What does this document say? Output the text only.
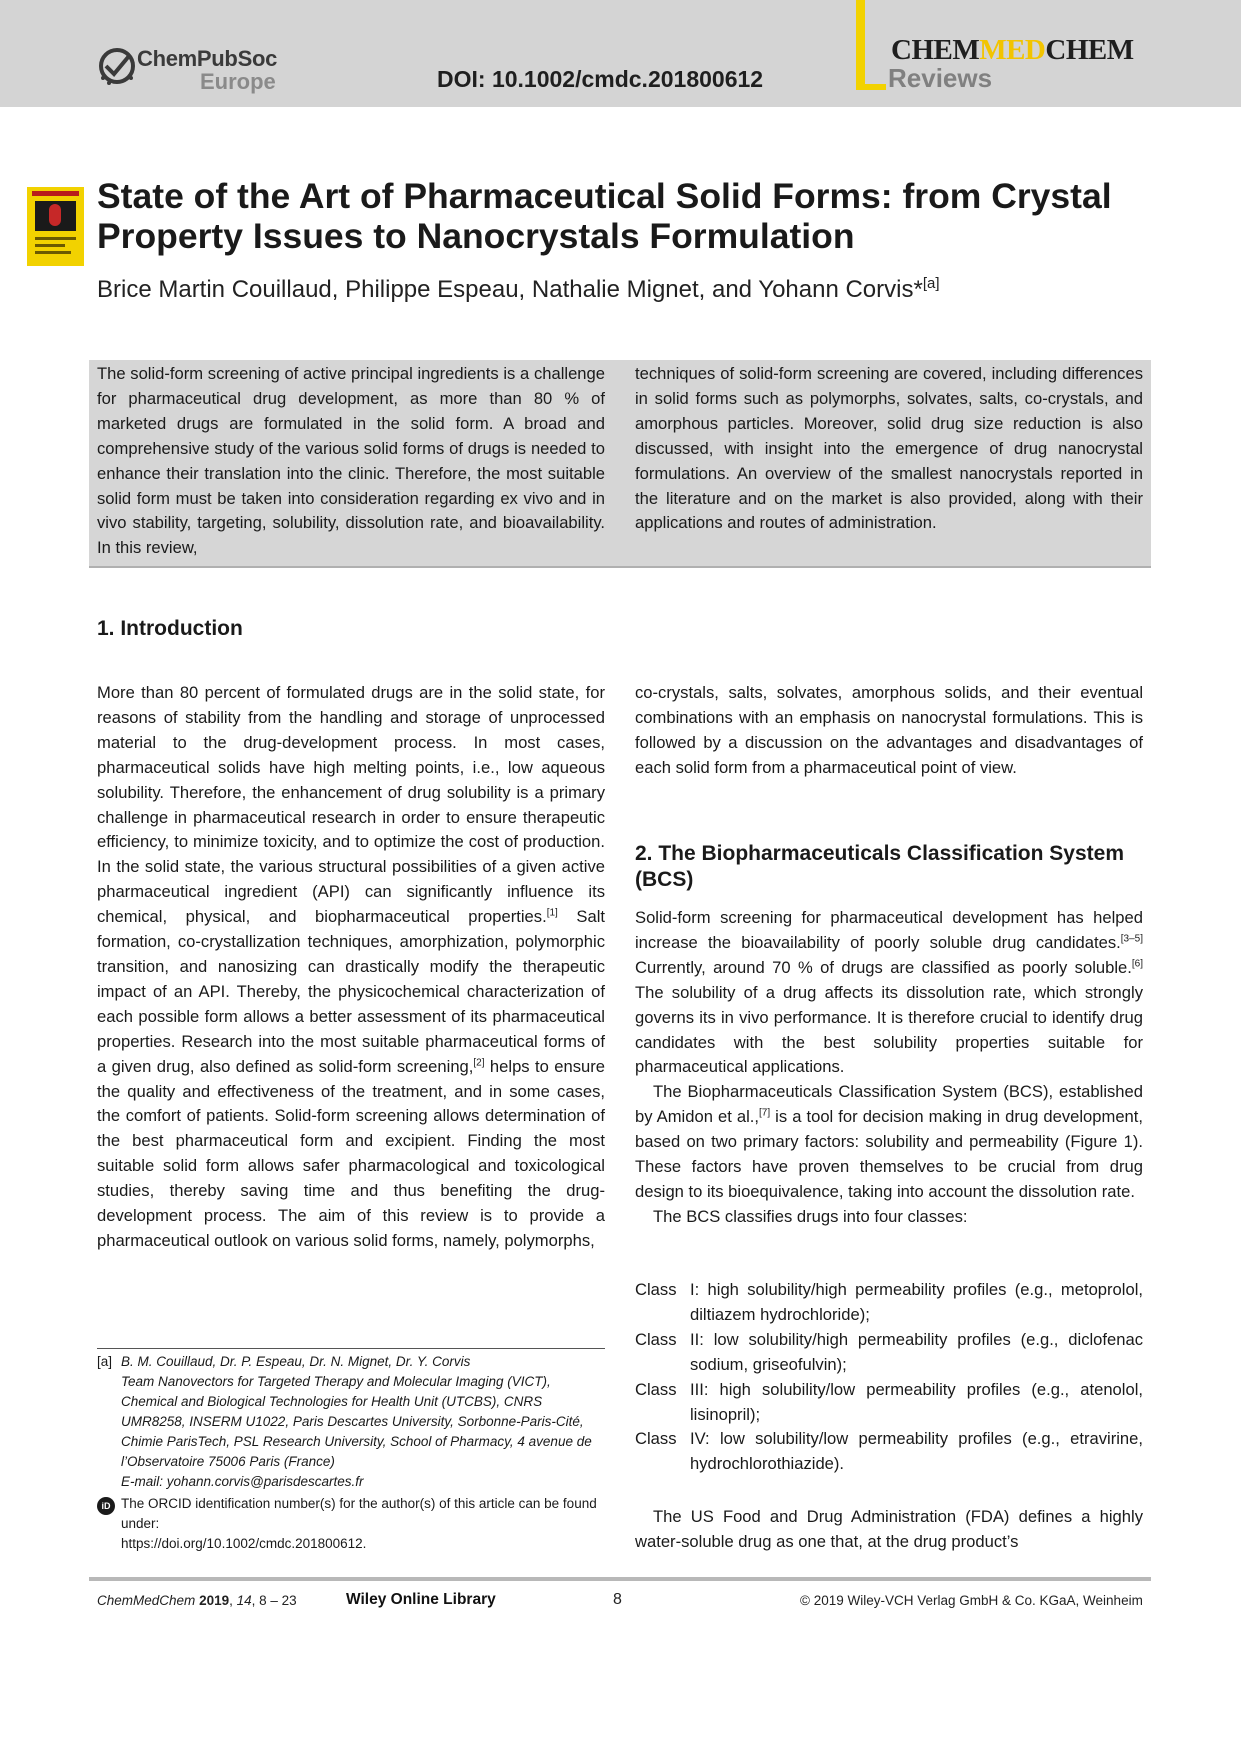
ChemPubSoc
Europe	DOI: 10.1002/cmdc.201800612
CHEMMEDCHEM
Reviews
State of the Art of Pharmaceutical Solid Forms: from Crystal Property Issues to Nanocrystals Formulation
Brice Martin Couillaud, Philippe Espeau, Nathalie Mignet, and Yohann Corvis*[a]

The solid-form screening of active principal ingredients is a challenge for pharmaceutical drug development, as more than 80 % of marketed drugs are formulated in the solid form. A broad and comprehensive study of the various solid forms of drugs is needed to enhance their translation into the clinic. Therefore, the most suitable solid form must be taken into consideration regarding ex vivo and in vivo stability, targeting, solubility, dissolution rate, and bioavailability. In this review,

techniques of solid-form screening are covered, including differences in solid forms such as polymorphs, solvates, salts, co-crystals, and amorphous particles. Moreover, solid drug size reduction is also discussed, with insight into the emergence of drug nanocrystal formulations. An overview of the smallest nanocrystals reported in the literature and on the market is also provided, along with their applications and routes of administration.

1. Introduction

More than 80 percent of formulated drugs are in the solid state, for reasons of stability from the handling and storage of unprocessed material to the drug-development process. In most cases, pharmaceutical solids have high melting points, i.e., low aqueous solubility. Therefore, the enhancement of drug solubility is a primary challenge in pharmaceutical research in order to ensure therapeutic efficiency, to minimize toxicity, and to optimize the cost of production. In the solid state, the various structural possibilities of a given active pharmaceutical ingredient (API) can significantly influence its chemical, physical, and biopharmaceutical properties.[1] Salt formation, co-crystallization techniques, amorphization, polymorphic transition, and nanosizing can drastically modify the therapeutic impact of an API. Thereby, the physicochemical characterization of each possible form allows a better assessment of its pharmaceutical properties. Research into the most suitable pharmaceutical forms of a given drug, also defined as solid-form screening,[2] helps to ensure the quality and effectiveness of the treatment, and in some cases, the comfort of patients. Solid-form screening allows determination of the best pharmaceutical form and excipient. Finding the most suitable solid form allows safer pharmacological and toxicological studies, thereby saving time and thus benefiting the drug-development process. The aim of this review is to provide a pharmaceutical outlook on various solid forms, namely, polymorphs,

co-crystals, salts, solvates, amorphous solids, and their eventual combinations with an emphasis on nanocrystal formulations. This is followed by a discussion on the advantages and disadvantages of each solid form from a pharmaceutical point of view.

2. The Biopharmaceuticals Classification System (BCS)

Solid-form screening for pharmaceutical development has helped increase the bioavailability of poorly soluble drug candidates.[3–5] Currently, around 70 % of drugs are classified as poorly soluble.[6] The solubility of a drug affects its dissolution rate, which strongly governs its in vivo performance. It is therefore crucial to identify drug candidates with the best solubility properties suitable for pharmaceutical applications.

The Biopharmaceuticals Classification System (BCS), established by Amidon et al.,[7] is a tool for decision making in drug development, based on two primary factors: solubility and permeability (Figure 1). These factors have proven themselves to be crucial from drug design to its bioequivalence, taking into account the dissolution rate.

The BCS classifies drugs into four classes:

Class I: high solubility/high permeability profiles (e.g., metoprolol, diltiazem hydrochloride);
Class II: low solubility/high permeability profiles (e.g., diclofenac sodium, griseofulvin);
Class III: high solubility/low permeability profiles (e.g., atenolol, lisinopril);
Class IV: low solubility/low permeability profiles (e.g., etravirine, hydrochlorothiazide).

The US Food and Drug Administration (FDA) defines a highly water-soluble drug as one that, at the drug product’s

[a] B. M. Couillaud, Dr. P. Espeau, Dr. N. Mignet, Dr. Y. Corvis
Team Nanovectors for Targeted Therapy and Molecular Imaging (VICT), Chemical and Biological Technologies for Health Unit (UTCBS), CNRS UMR8258, INSERM U1022, Paris Descartes University, Sorbonne-Paris-Cité, Chimie ParisTech, PSL Research University, School of Pharmacy, 4 avenue de l’Observatoire 75006 Paris (France)
E-mail: yohann.corvis@parisdescartes.fr
iD The ORCID identification number(s) for the author(s) of this article can be found under:
https://doi.org/10.1002/cmdc.201800612.
ChemMedChem 2019, 14, 8 – 23	Wiley Online Library	8	© 2019 Wiley-VCH Verlag GmbH & Co. KGaA, Weinheim
